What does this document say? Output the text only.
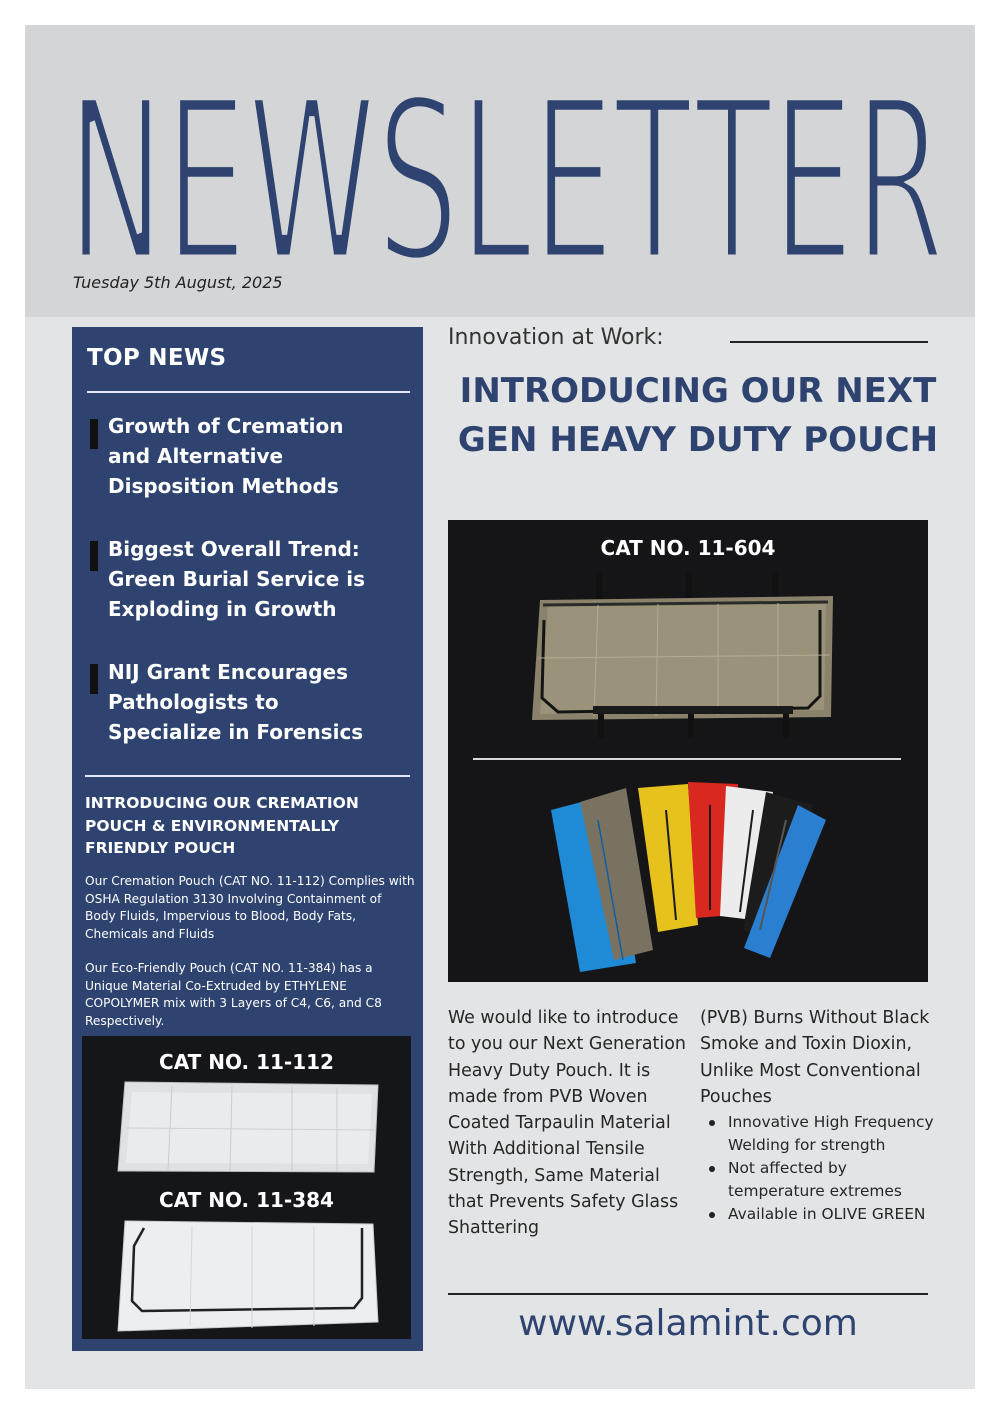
NEWSLETTER
Tuesday 5th August, 2025
TOP NEWS
Growth of Cremation and Alternative Disposition Methods
Biggest Overall Trend: Green Burial Service is Exploding in Growth
NIJ Grant Encourages Pathologists to Specialize in Forensics
INTRODUCING OUR CREMATION POUCH & ENVIRONMENTALLY FRIENDLY POUCH
Our Cremation Pouch (CAT NO. 11-112) Complies with OSHA Regulation 3130 Involving Containment of Body Fluids, Impervious to Blood, Body Fats, Chemicals and Fluids
Our Eco-Friendly Pouch (CAT NO. 11-384) has a Unique Material Co-Extruded by ETHYLENE COPOLYMER mix with 3 Layers of C4, C6, and C8 Respectively.
CAT NO. 11-112
CAT NO. 11-384
Innovation at Work:
INTRODUCING OUR NEXT GEN HEAVY DUTY POUCH
CAT NO. 11-604
We would like to introduce to you our Next Generation Heavy Duty Pouch. It is made from PVB Woven Coated Tarpaulin Material With Additional Tensile Strength, Same Material that Prevents Safety Glass Shattering
(PVB) Burns Without Black Smoke and Toxin Dioxin, Unlike Most Conventional Pouches
Innovative High Frequency Welding for strength
Not affected by temperature extremes
Available in OLIVE GREEN
www.salamint.com
